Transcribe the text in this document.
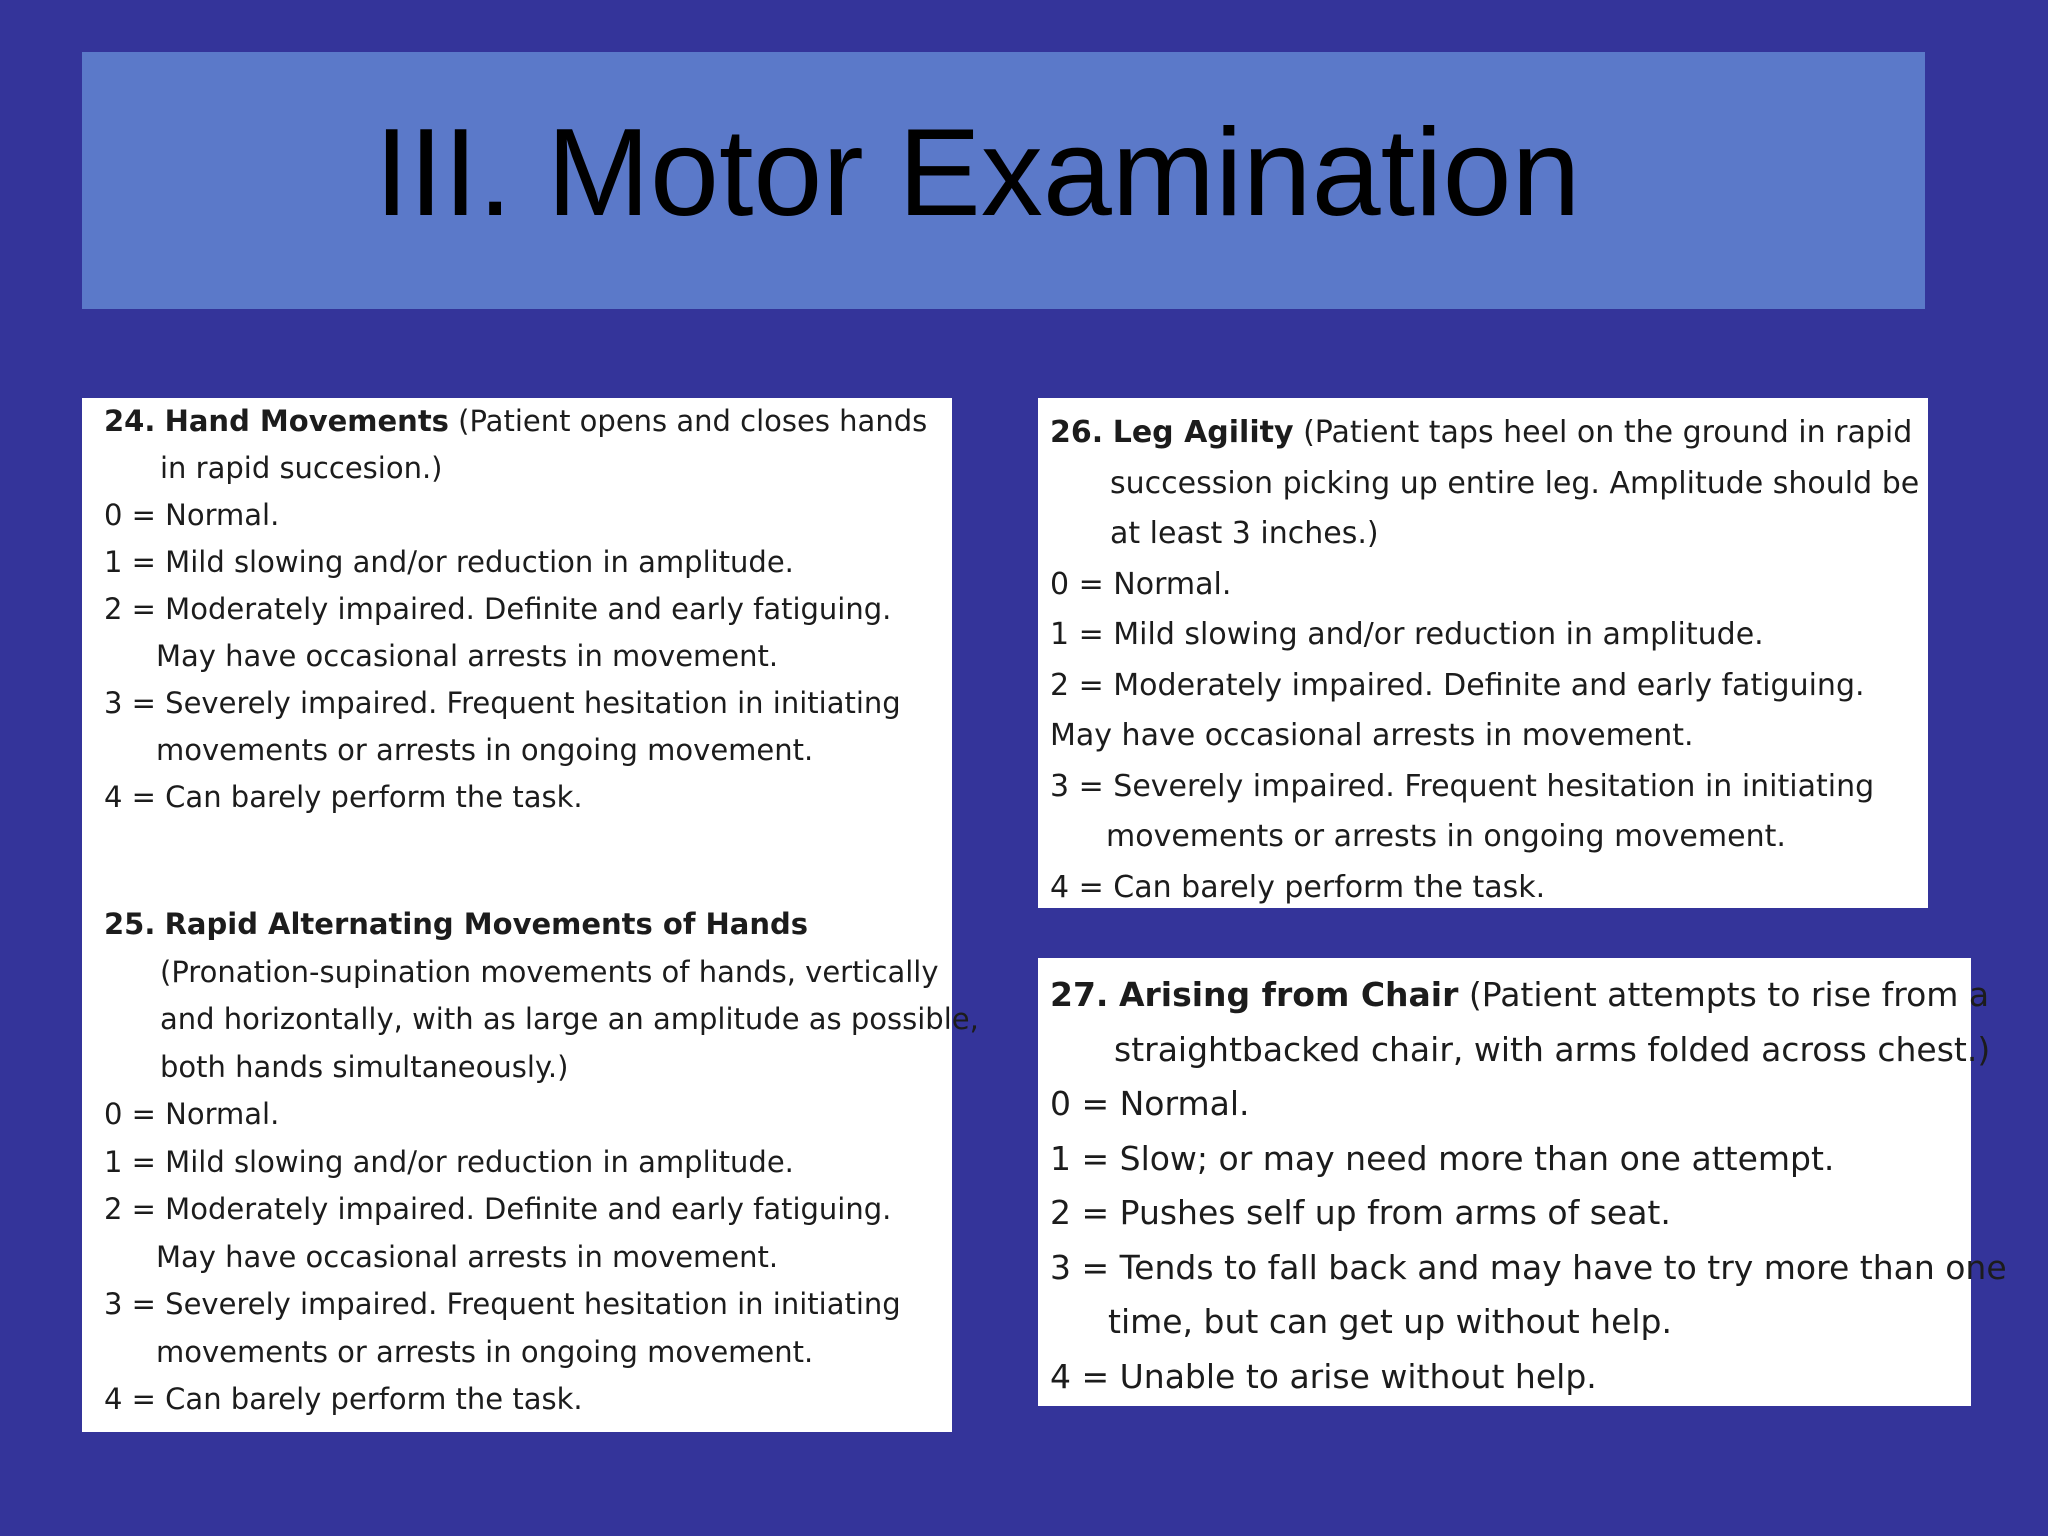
III. Motor Examination
24. Hand Movements (Patient opens and closes hands
in rapid succesion.)
0 = Normal.
1 = Mild slowing and/or reduction in amplitude.
2 = Moderately impaired. Definite and early fatiguing.
May have occasional arrests in movement.
3 = Severely impaired. Frequent hesitation in initiating
movements or arrests in ongoing movement.
4 = Can barely perform the task.
25. Rapid Alternating Movements of Hands
(Pronation-supination movements of hands, vertically
and horizontally, with as large an amplitude as possible,
both hands simultaneously.)
0 = Normal.
1 = Mild slowing and/or reduction in amplitude.
2 = Moderately impaired. Definite and early fatiguing.
May have occasional arrests in movement.
3 = Severely impaired. Frequent hesitation in initiating
movements or arrests in ongoing movement.
4 = Can barely perform the task.
26. Leg Agility (Patient taps heel on the ground in rapid
succession picking up entire leg. Amplitude should be
at least 3 inches.)
0 = Normal.
1 = Mild slowing and/or reduction in amplitude.
2 = Moderately impaired. Definite and early fatiguing.
May have occasional arrests in movement.
3 = Severely impaired. Frequent hesitation in initiating
movements or arrests in ongoing movement.
4 = Can barely perform the task.
27. Arising from Chair (Patient attempts to rise from a
straightbacked chair, with arms folded across chest.)
0 = Normal.
1 = Slow; or may need more than one attempt.
2 = Pushes self up from arms of seat.
3 = Tends to fall back and may have to try more than one
time, but can get up without help.
4 = Unable to arise without help.
